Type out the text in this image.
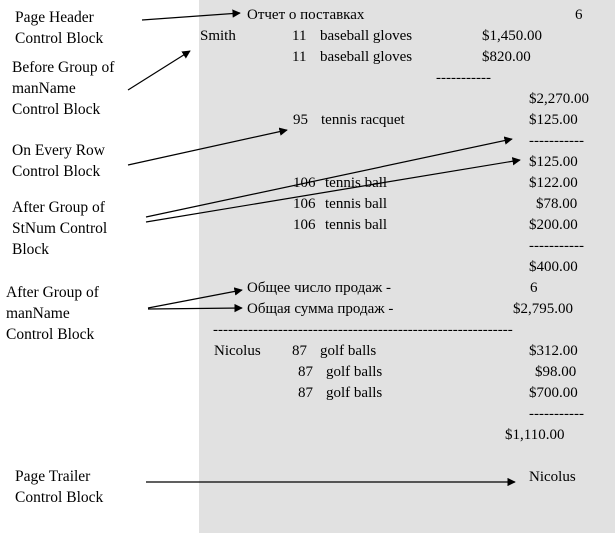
Page Header
Control Block
Before Group of
manName
Control Block
On Every Row
Control Block
After Group of
StNum Control
Block
After Group of
manName
Control Block
Page Trailer
Control Block
Отчет о поставках	6
Smith	11 baseball gloves	$1,450.00
11 baseball gloves	$820.00
-----------
$2,270.00
95 tennis racquet	$125.00
-----------
$125.00
106 tennis ball	$122.00
106 tennis ball	$78.00
106 tennis ball	$200.00
-----------
$400.00
Общее число продаж -	6
Общая сумма продаж -	$2,795.00
------------------------------------------------------------
Nicolus 87 golf balls	$312.00
87 golf balls	$98.00
87 golf balls	$700.00
-----------
$1,110.00
Nicolus
